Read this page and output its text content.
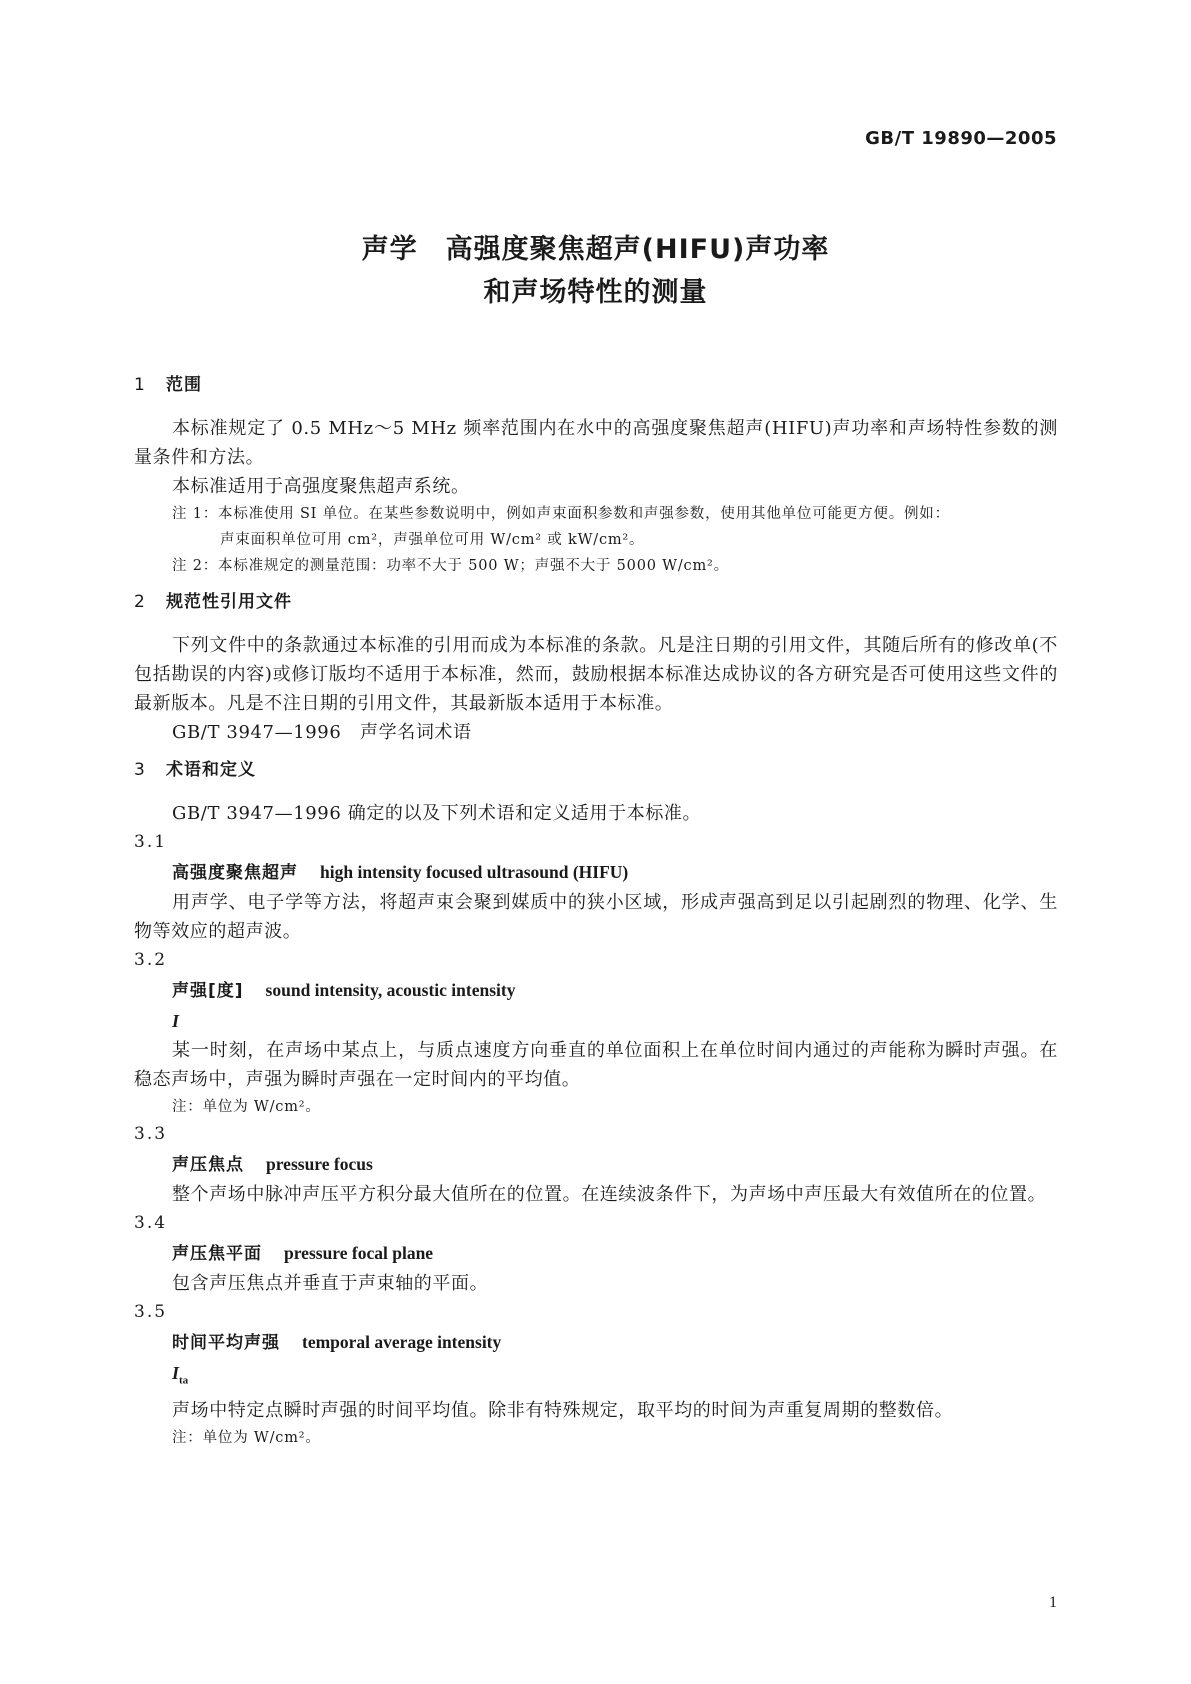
GB/T 19890—2005
声学　高强度聚焦超声(HIFU)声功率
和声场特性的测量
1 范围
本标准规定了 0.5 MHz～5 MHz 频率范围内在水中的高强度聚焦超声(HIFU)声功率和声场特性参数的测量条件和方法。
本标准适用于高强度聚焦超声系统。
注 1：本标准使用 SI 单位。在某些参数说明中，例如声束面积参数和声强参数，使用其他单位可能更方便。例如：
声束面积单位可用 cm²，声强单位可用 W/cm² 或 kW/cm²。
注 2：本标准规定的测量范围：功率不大于 500 W；声强不大于 5000 W/cm²。
2 规范性引用文件
下列文件中的条款通过本标准的引用而成为本标准的条款。凡是注日期的引用文件，其随后所有的修改单(不包括勘误的内容)或修订版均不适用于本标准，然而，鼓励根据本标准达成协议的各方研究是否可使用这些文件的最新版本。凡是不注日期的引用文件，其最新版本适用于本标准。
GB/T 3947—1996　声学名词术语
3 术语和定义
GB/T 3947—1996 确定的以及下列术语和定义适用于本标准。
3.1
高强度聚焦超声 high intensity focused ultrasound (HIFU)
用声学、电子学等方法，将超声束会聚到媒质中的狭小区域，形成声强高到足以引起剧烈的物理、化学、生物等效应的超声波。
3.2
声强[度] sound intensity, acoustic intensity
I
某一时刻，在声场中某点上，与质点速度方向垂直的单位面积上在单位时间内通过的声能称为瞬时声强。在稳态声场中，声强为瞬时声强在一定时间内的平均值。
注：单位为 W/cm²。
3.3
声压焦点 pressure focus
整个声场中脉冲声压平方积分最大值所在的位置。在连续波条件下，为声场中声压最大有效值所在的位置。
3.4
声压焦平面 pressure focal plane
包含声压焦点并垂直于声束轴的平面。
3.5
时间平均声强 temporal average intensity
$I_{ta}$
声场中特定点瞬时声强的时间平均值。除非有特殊规定，取平均的时间为声重复周期的整数倍。
注：单位为 W/cm²。
1
